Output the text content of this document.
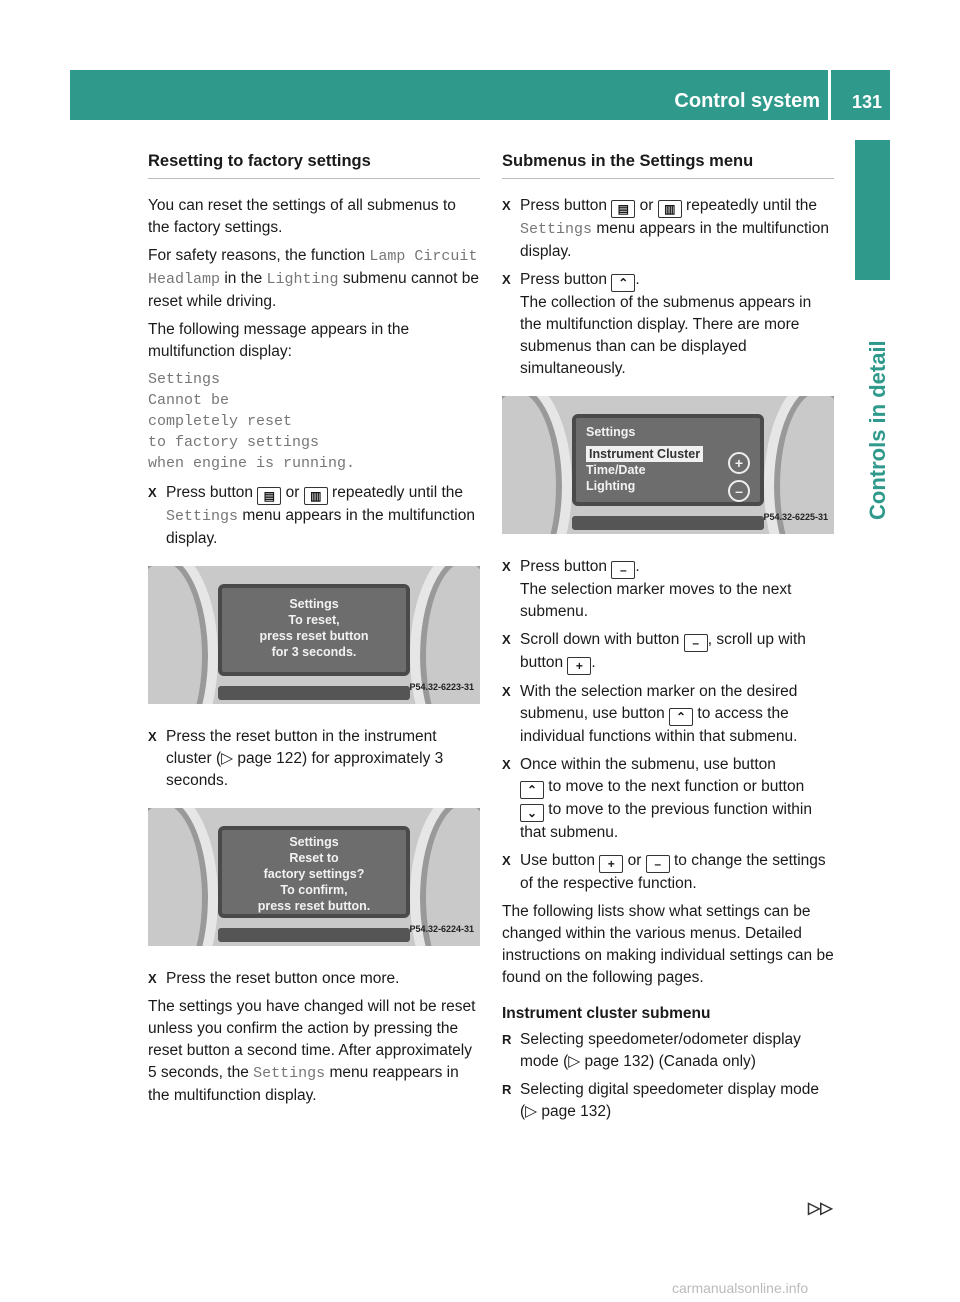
Control system 131
Controls in detail
Resetting to factory settings

You can reset the settings of all submenus to the factory settings.

For safety reasons, the function Lamp Circuit Headlamp in the Lighting submenu cannot be reset while driving.

The following message appears in the multifunction display:

Settings
Cannot be
completely reset
to factory settings
when engine is running.
X Press button ▤ or ▥ repeatedly until the Settings menu appears in the multifunction display.
Settings
To reset,
press reset button
for 3 seconds.
P54.32-6223-31
X Press the reset button in the instrument cluster (▷ page 122) for approximately 3 seconds.
Settings
Reset to
factory settings?
To confirm,
press reset button.
P54.32-6224-31
X Press the reset button once more.

The settings you have changed will not be reset unless you confirm the action by pressing the reset button a second time. After approximately 5 seconds, the Settings menu reappears in the multifunction display.

Submenus in the Settings menu
X Press button ▤ or ▥ repeatedly until the Settings menu appears in the multifunction display.
X Press button ⌃ .
The collection of the submenus appears in the multifunction display. There are more submenus than can be displayed simultaneously.
Settings
Instrument Cluster
Time/Date
Lighting
+
–
P54.32-6225-31
X Press button – .
The selection marker moves to the next submenu.
X Scroll down with button – , scroll up with button + .
X With the selection marker on the desired submenu, use button ⌃ to access the individual functions within that submenu.
X Once within the submenu, use button
⌃ to move to the next function or button
⌄ to move to the previous function within that submenu.
X Use button + or – to change the settings of the respective function.

The following lists show what settings can be changed within the various menus. Detailed instructions on making individual settings can be found on the following pages.

Instrument cluster submenu
R Selecting speedometer/odometer display mode (▷ page 132) (Canada only)
R Selecting digital speedometer display mode (▷ page 132)
▷▷
carmanualsonline.info
